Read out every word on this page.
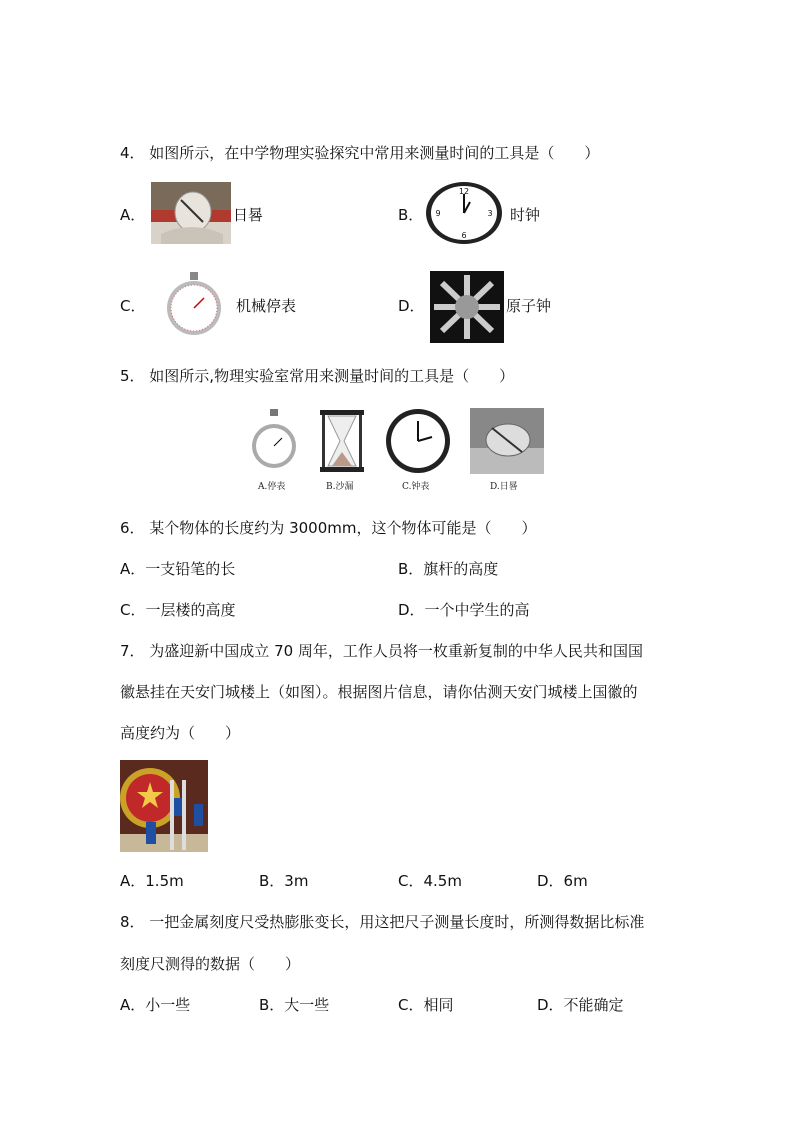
4． 如图所示，在中学物理实验探究中常用来测量时间的工具是（　　）
A．	日晷	B．
12
3
6
9	时钟
C．	机械停表	D．	原子钟
5． 如图所示,物理实验室常用来测量时间的工具是（　　）
A.停表	B.沙漏	C.钟表	D.日晷
6． 某个物体的长度约为 3000mm，这个物体可能是（　　）
A．一支铅笔的长	B．旗杆的高度
C．一层楼的高度	D．一个中学生的高
7． 为盛迎新中国成立 70 周年，工作人员将一枚重新复制的中华人民共和国国
徽悬挂在天安门城楼上（如图）。根据图片信息，请你估测天安门城楼上国徽的
高度约为（　　）
A．1.5m	B．3m	C．4.5m	D．6m
8． 一把金属刻度尺受热膨胀变长，用这把尺子测量长度时，所测得数据比标准
刻度尺测得的数据（　　）
A．小一些	B．大一些	C．相同	D．不能确定
